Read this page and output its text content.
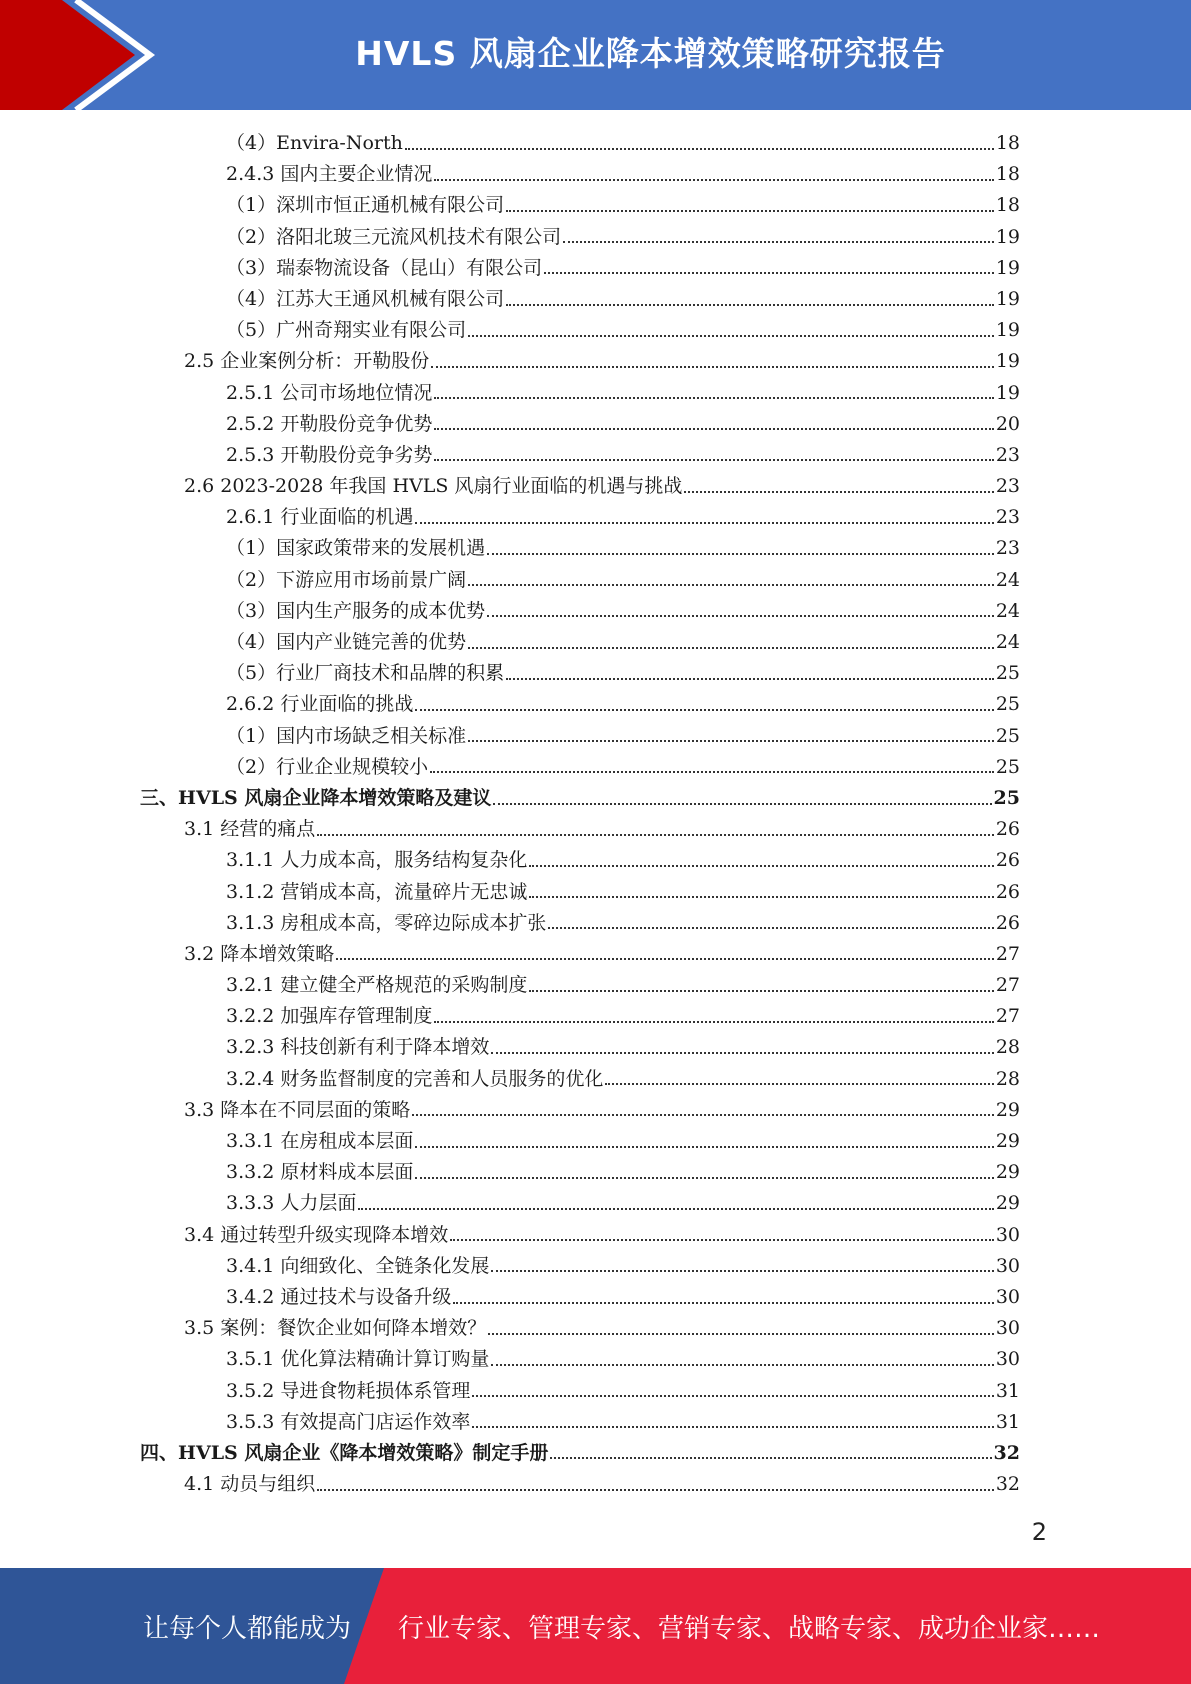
HVLS 风扇企业降本增效策略研究报告
（4）Envira-North	18
2.4.3 国内主要企业情况	18
（1）深圳市恒正通机械有限公司	18
（2）洛阳北玻三元流风机技术有限公司	19
（3）瑞泰物流设备（昆山）有限公司	19
（4）江苏大王通风机械有限公司	19
（5）广州奇翔实业有限公司	19
2.5 企业案例分析：开勒股份	19
2.5.1 公司市场地位情况	19
2.5.2 开勒股份竞争优势	20
2.5.3 开勒股份竞争劣势	23
2.6 2023-2028 年我国 HVLS 风扇行业面临的机遇与挑战	23
2.6.1 行业面临的机遇	23
（1）国家政策带来的发展机遇	23
（2）下游应用市场前景广阔	24
（3）国内生产服务的成本优势	24
（4）国内产业链完善的优势	24
（5）行业厂商技术和品牌的积累	25
2.6.2 行业面临的挑战	25
（1）国内市场缺乏相关标准	25
（2）行业企业规模较小	25
三、HVLS 风扇企业降本增效策略及建议	25
3.1 经营的痛点	26
3.1.1 人力成本高，服务结构复杂化	26
3.1.2 营销成本高，流量碎片无忠诚	26
3.1.3 房租成本高，零碎边际成本扩张	26
3.2 降本增效策略	27
3.2.1 建立健全严格规范的采购制度	27
3.2.2 加强库存管理制度	27
3.2.3 科技创新有利于降本增效	28
3.2.4 财务监督制度的完善和人员服务的优化	28
3.3 降本在不同层面的策略	29
3.3.1 在房租成本层面	29
3.3.2 原材料成本层面	29
3.3.3 人力层面	29
3.4 通过转型升级实现降本增效	30
3.4.1 向细致化、全链条化发展	30
3.4.2 通过技术与设备升级	30
3.5 案例：餐饮企业如何降本增效？	30
3.5.1 优化算法精确计算订购量	30
3.5.2 导进食物耗损体系管理	31
3.5.3 有效提高门店运作效率	31
四、HVLS 风扇企业《降本增效策略》制定手册	32
4.1 动员与组织	32
2
让每个人都能成为 行业专家、管理专家、营销专家、战略专家、成功企业家……
